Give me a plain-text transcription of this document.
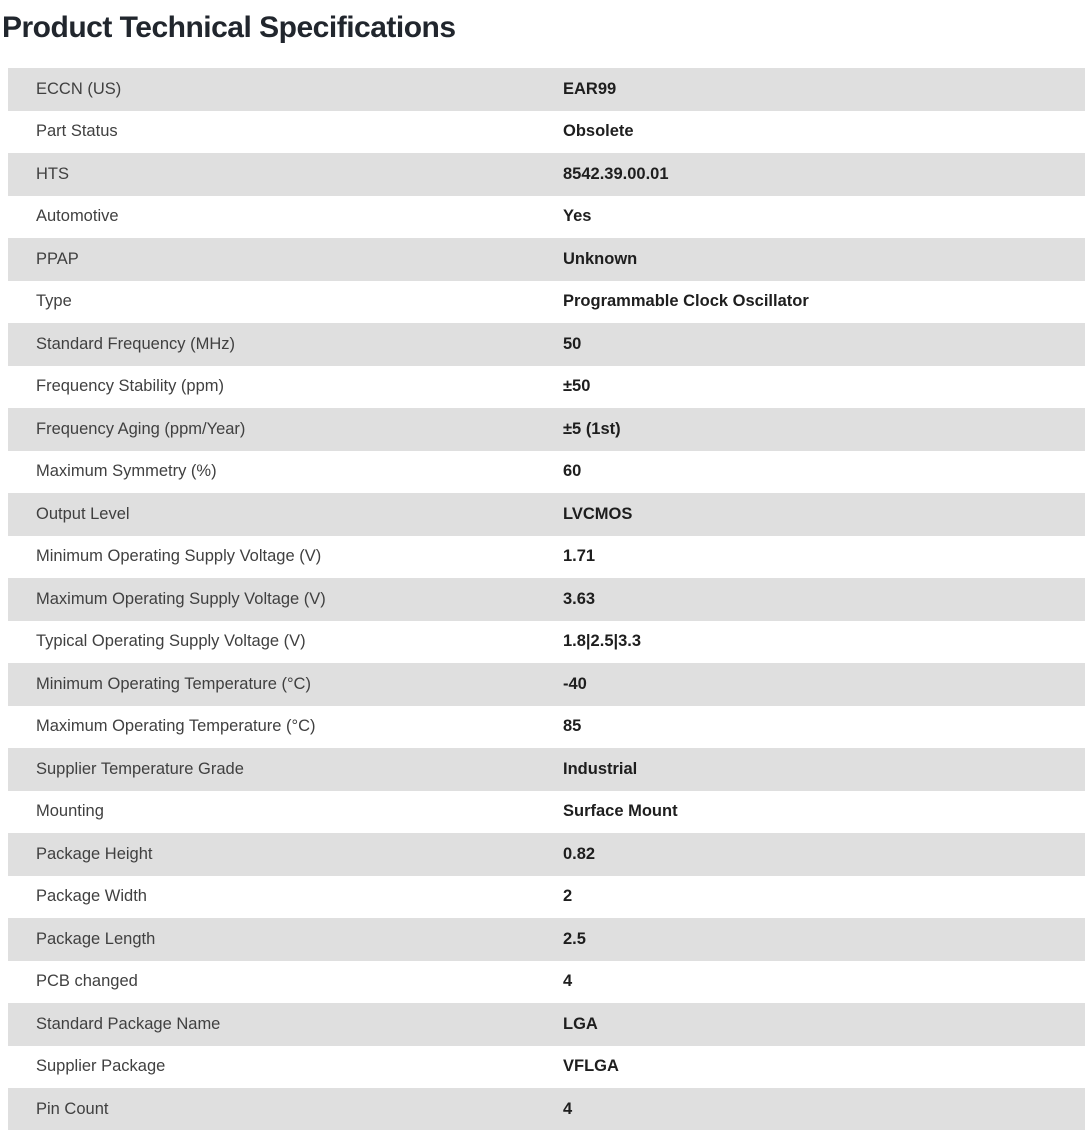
Product Technical Specifications
ECCN (US)	EAR99
Part Status	Obsolete
HTS	8542.39.00.01
Automotive	Yes
PPAP	Unknown
Type	Programmable Clock Oscillator
Standard Frequency (MHz)	50
Frequency Stability (ppm)	±50
Frequency Aging (ppm/Year)	±5 (1st)
Maximum Symmetry (%)	60
Output Level	LVCMOS
Minimum Operating Supply Voltage (V)	1.71
Maximum Operating Supply Voltage (V)	3.63
Typical Operating Supply Voltage (V)	1.8|2.5|3.3
Minimum Operating Temperature (°C)	-40
Maximum Operating Temperature (°C)	85
Supplier Temperature Grade	Industrial
Mounting	Surface Mount
Package Height	0.82
Package Width	2
Package Length	2.5
PCB changed	4
Standard Package Name	LGA
Supplier Package	VFLGA
Pin Count	4
